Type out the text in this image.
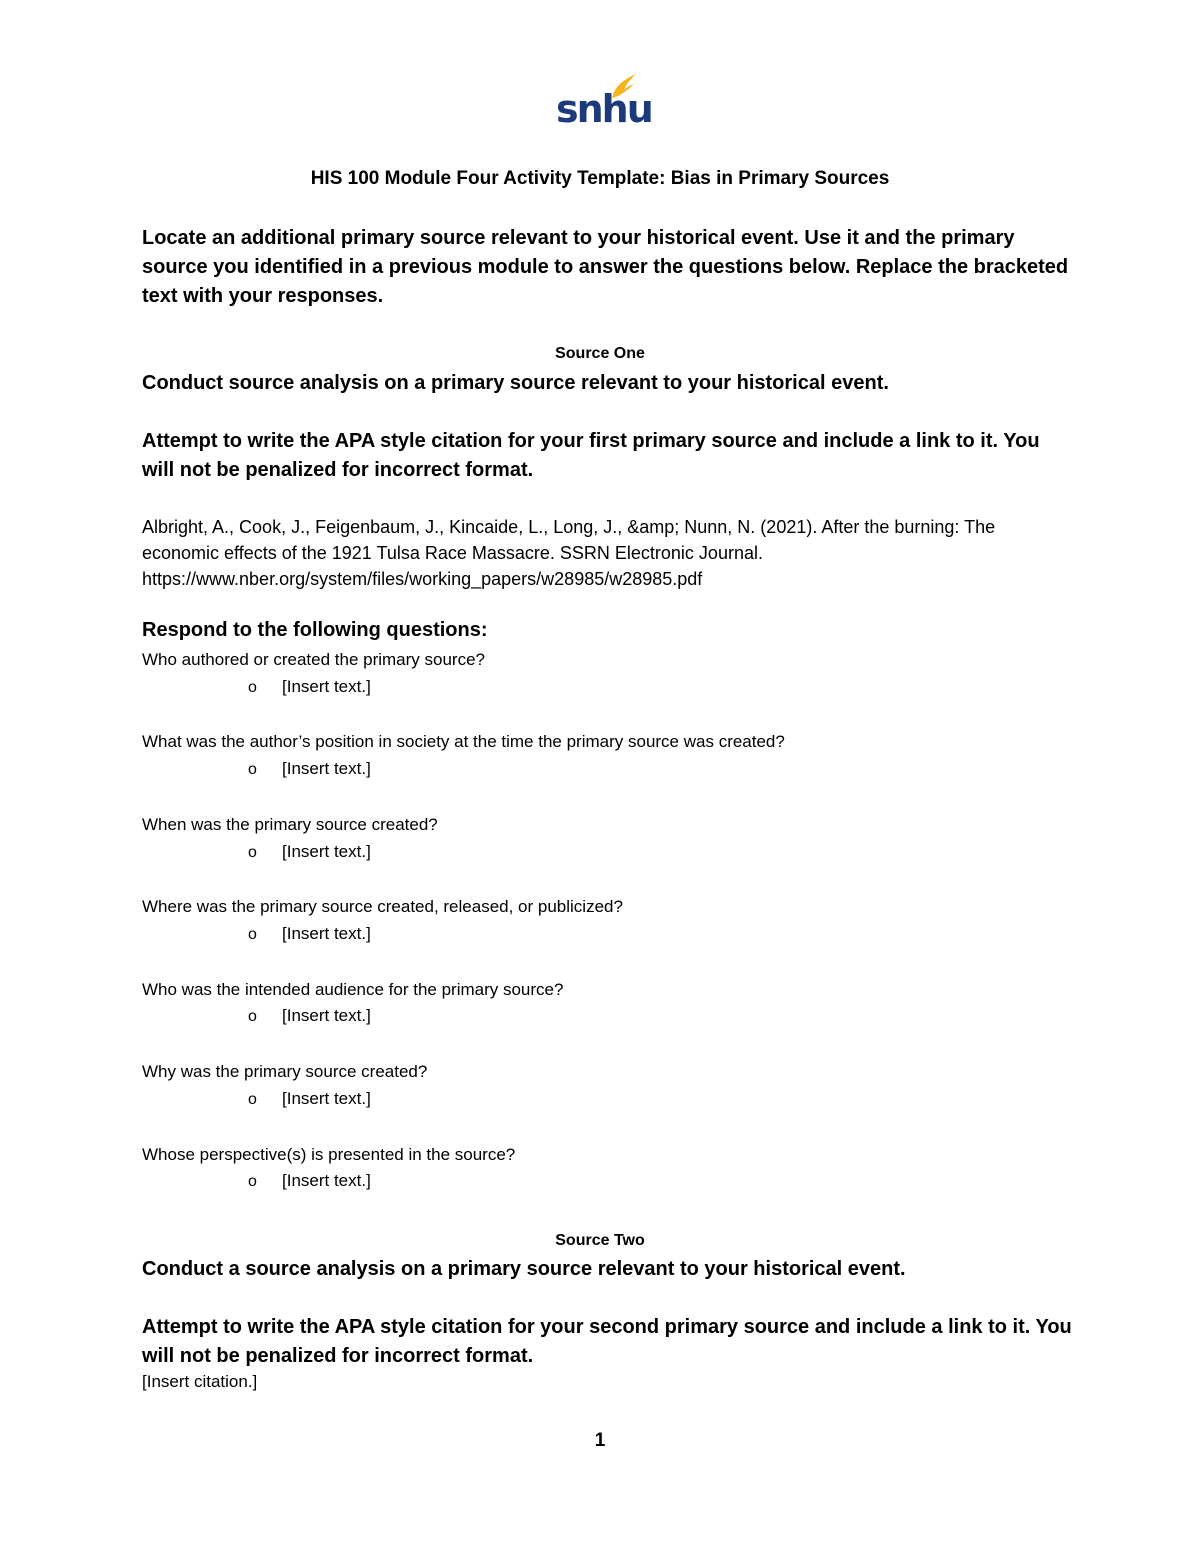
snhu
HIS 100 Module Four Activity Template: Bias in Primary Sources
Locate an additional primary source relevant to your historical event. Use it and the primary source you identified in a previous module to answer the questions below. Replace the bracketed text with your responses.
Source One
Conduct source analysis on a primary source relevant to your historical event.
Attempt to write the APA style citation for your first primary source and include a link to it. You will not be penalized for incorrect format.
Albright, A., Cook, J., Feigenbaum, J., Kincaide, L., Long, J., &amp; Nunn, N. (2021). After the burning: The
economic effects of the 1921 Tulsa Race Massacre. SSRN Electronic Journal.
https://www.nber.org/system/files/working_papers/w28985/w28985.pdf
Respond to the following questions:
Who authored or created the primary source?
o [Insert text.]
What was the author’s position in society at the time the primary source was created?
o [Insert text.]
When was the primary source created?
o [Insert text.]
Where was the primary source created, released, or publicized?
o [Insert text.]
Who was the intended audience for the primary source?
o [Insert text.]
Why was the primary source created?
o [Insert text.]
Whose perspective(s) is presented in the source?
o [Insert text.]
Source Two
Conduct a source analysis on a primary source relevant to your historical event.
Attempt to write the APA style citation for your second primary source and include a link to it. You will not be penalized for incorrect format.
[Insert citation.]
1
